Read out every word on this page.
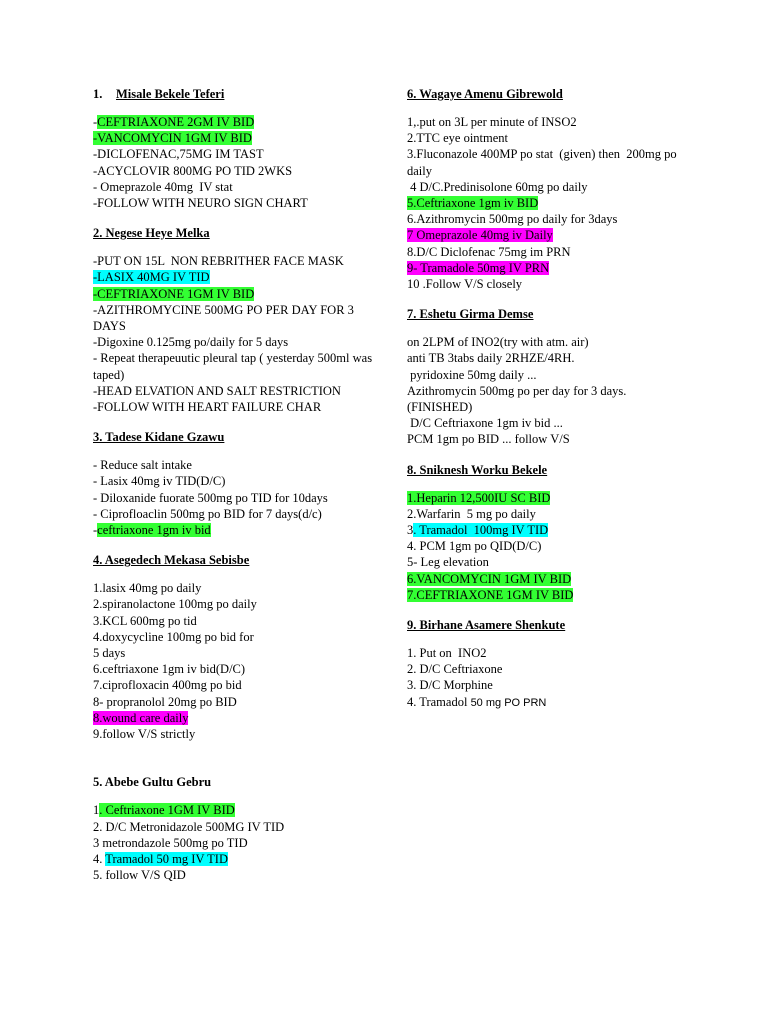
1. Misale Bekele Teferi
-CEFTRIAXONE 2GM IV BID
-VANCOMYCIN 1GM IV BID
-DICLOFENAC,75MG IM TAST
-ACYCLOVIR 800MG PO TID 2WKS
- Omeprazole 40mg  IV stat
-FOLLOW WITH NEURO SIGN CHART
2. Negese Heye Melka
-PUT ON 15L  NON REBRITHER FACE MASK
-LASIX 40MG IV TID
-CEFTRIAXONE 1GM IV BID
-AZITHROMYCINE 500MG PO PER DAY FOR 3 DAYS
-Digoxine 0.125mg po/daily for 5 days
- Repeat therapeuutic pleural tap ( yesterday 500ml was taped)
-HEAD ELVATION AND SALT RESTRICTION
-FOLLOW WITH HEART FAILURE CHAR
3. Tadese Kidane Gzawu
- Reduce salt intake
- Lasix 40mg iv TID(D/C)
- Diloxanide fuorate 500mg po TID for 10days
- Ciprofloaclin 500mg po BID for 7 days(d/c)
-ceftriaxone 1gm iv bid
4. Asegedech Mekasa Sebisbe
1.lasix 40mg po daily
2.spiranolactone 100mg po daily
3.KCL 600mg po tid
4.doxycycline 100mg po bid for
5 days
6.ceftriaxone 1gm iv bid(D/C)
7.ciprofloxacin 400mg po bid
8- propranolol 20mg po BID
8.wound care daily
9.follow V/S strictly
5. Abebe Gultu Gebru
1. Ceftriaxone 1GM IV BID
2. D/C Metronidazole 500MG IV TID
3 metrondazole 500mg po TID
4. Tramadol 50 mg IV TID
5. follow V/S QID
6. Wagaye Amenu Gibrewold
1,.put on 3L per minute of INSO2
2.TTC eye ointment
3.Fluconazole 400MP po stat  (given) then  200mg po daily
4 D/C.Predinisolone 60mg po daily
5.Ceftriaxone 1gm iv BID
6.Azithromycin 500mg po daily for 3days
7 Omeprazole 40mg iv Daily
8.D/C Diclofenac 75mg im PRN
9- Tramadole 50mg IV PRN
10 .Follow V/S closely
7. Eshetu Girma Demse
on 2LPM of INO2(try with atm. air)
anti TB 3tabs daily 2RHZE/4RH.
pyridoxine 50mg daily ...
Azithromycin 500mg po per day for 3 days.
(FINISHED)
D/C Ceftriaxone 1gm iv bid ...
PCM 1gm po BID ... follow V/S
8. Sniknesh Worku Bekele
1.Heparin 12,500IU SC BID
2.Warfarin  5 mg po daily
3. Tramadol  100mg IV TID
4. PCM 1gm po QID(D/C)
5- Leg elevation
6.VANCOMYCIN 1GM IV BID
7.CEFTRIAXONE 1GM IV BID
9. Birhane Asamere Shenkute
1. Put on  INO2
2. D/C Ceftriaxone
3. D/C Morphine
4. Tramadol 50 mg PO PRN
